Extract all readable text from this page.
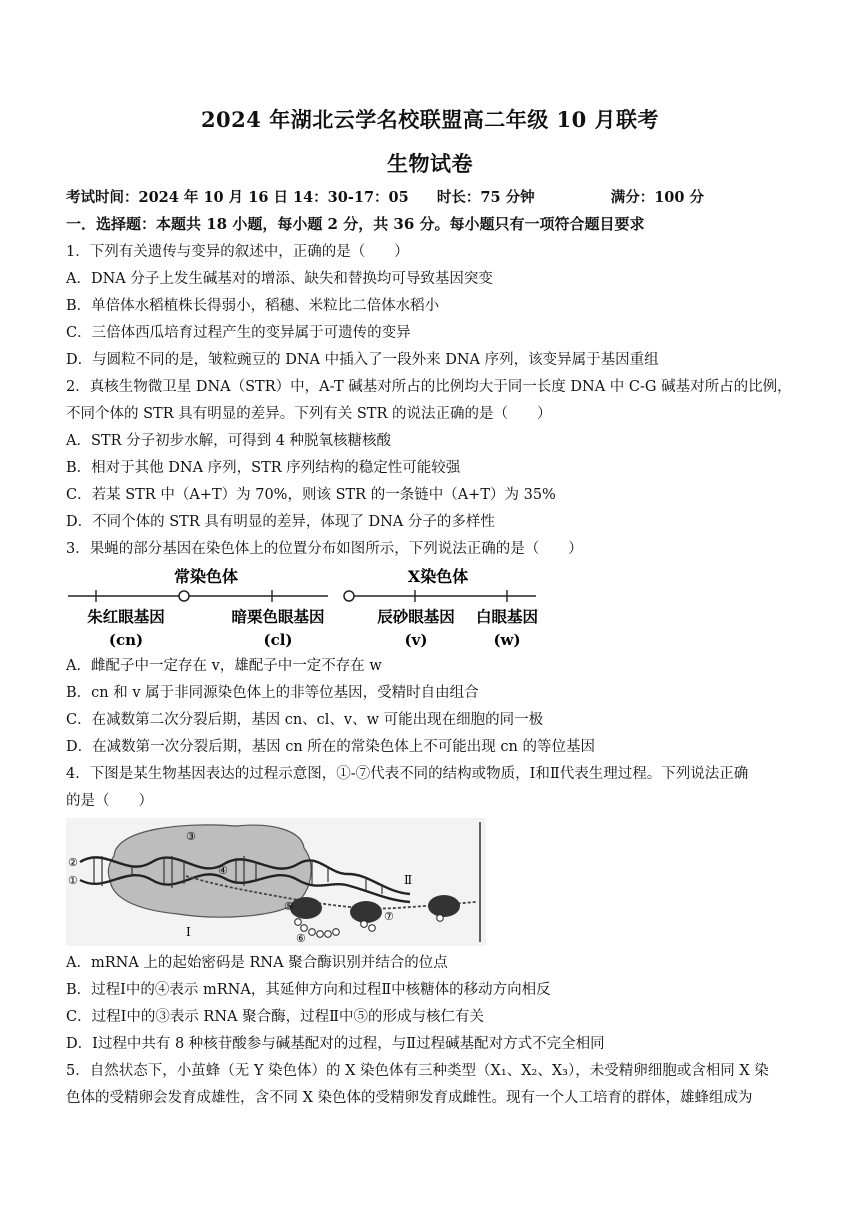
2024 年湖北云学名校联盟高二年级 10 月联考
生物试卷
考试时间：2024 年 10 月 16 日 14：30-17：05 时长：75 分钟	满分：100 分
一．选择题：本题共 18 小题，每小题 2 分，共 36 分。每小题只有一项符合题目要求
1．下列有关遗传与变异的叙述中，正确的是（　　）
A．DNA 分子上发生碱基对的增添、缺失和替换均可导致基因突变
B．单倍体水稻植株长得弱小，稻穗、米粒比二倍体水稻小
C．三倍体西瓜培育过程产生的变异属于可遗传的变异
D．与圆粒不同的是，皱粒豌豆的 DNA 中插入了一段外来 DNA 序列，该变异属于基因重组
2．真核生物微卫星 DNA（STR）中，A-T 碱基对所占的比例均大于同一长度 DNA 中 C-G 碱基对所占的比例，
不同个体的 STR 具有明显的差异。下列有关 STR 的说法正确的是（　　）
A．STR 分子初步水解，可得到 4 种脱氧核糖核酸
B．相对于其他 DNA 序列，STR 序列结构的稳定性可能较强
C．若某 STR 中（A+T）为 70%，则该 STR 的一条链中（A+T）为 35%
D．不同个体的 STR 具有明显的差异，体现了 DNA 分子的多样性
3．果蝇的部分基因在染色体上的位置分布如图所示，下列说法正确的是（　　）
常染色体	X染色体
朱红眼基因
(cn)
暗栗色眼基因
(cl)
辰砂眼基因
(v)
白眼基因
(w)
A．雌配子中一定存在 v，雄配子中一定不存在 w
B．cn 和 v 属于非同源染色体上的非等位基因，受精时自由组合
C．在减数第二次分裂后期，基因 cn、cl、v、w 可能出现在细胞的同一极
D．在减数第一次分裂后期，基因 cn 所在的常染色体上不可能出现 cn 的等位基因
4．下图是某生物基因表达的过程示意图，①-⑦代表不同的结构或物质，Ⅰ和Ⅱ代表生理过程。下列说法正确
的是（　　）
②
①
③
④
⑤
⑥
⑦
Ⅰ
Ⅱ
A．mRNA 上的起始密码是 RNA 聚合酶识别并结合的位点
B．过程Ⅰ中的④表示 mRNA，其延伸方向和过程Ⅱ中核糖体的移动方向相反
C．过程Ⅰ中的③表示 RNA 聚合酶，过程Ⅱ中⑤的形成与核仁有关
D．Ⅰ过程中共有 8 种核苷酸参与碱基配对的过程，与Ⅱ过程碱基配对方式不完全相同
5．自然状态下，小茧蜂（无 Y 染色体）的 X 染色体有三种类型（X₁、X₂、X₃），未受精卵细胞或含相同 X 染
色体的受精卵会发育成雄性，含不同 X 染色体的受精卵发育成雌性。现有一个人工培育的群体，雄蜂组成为
